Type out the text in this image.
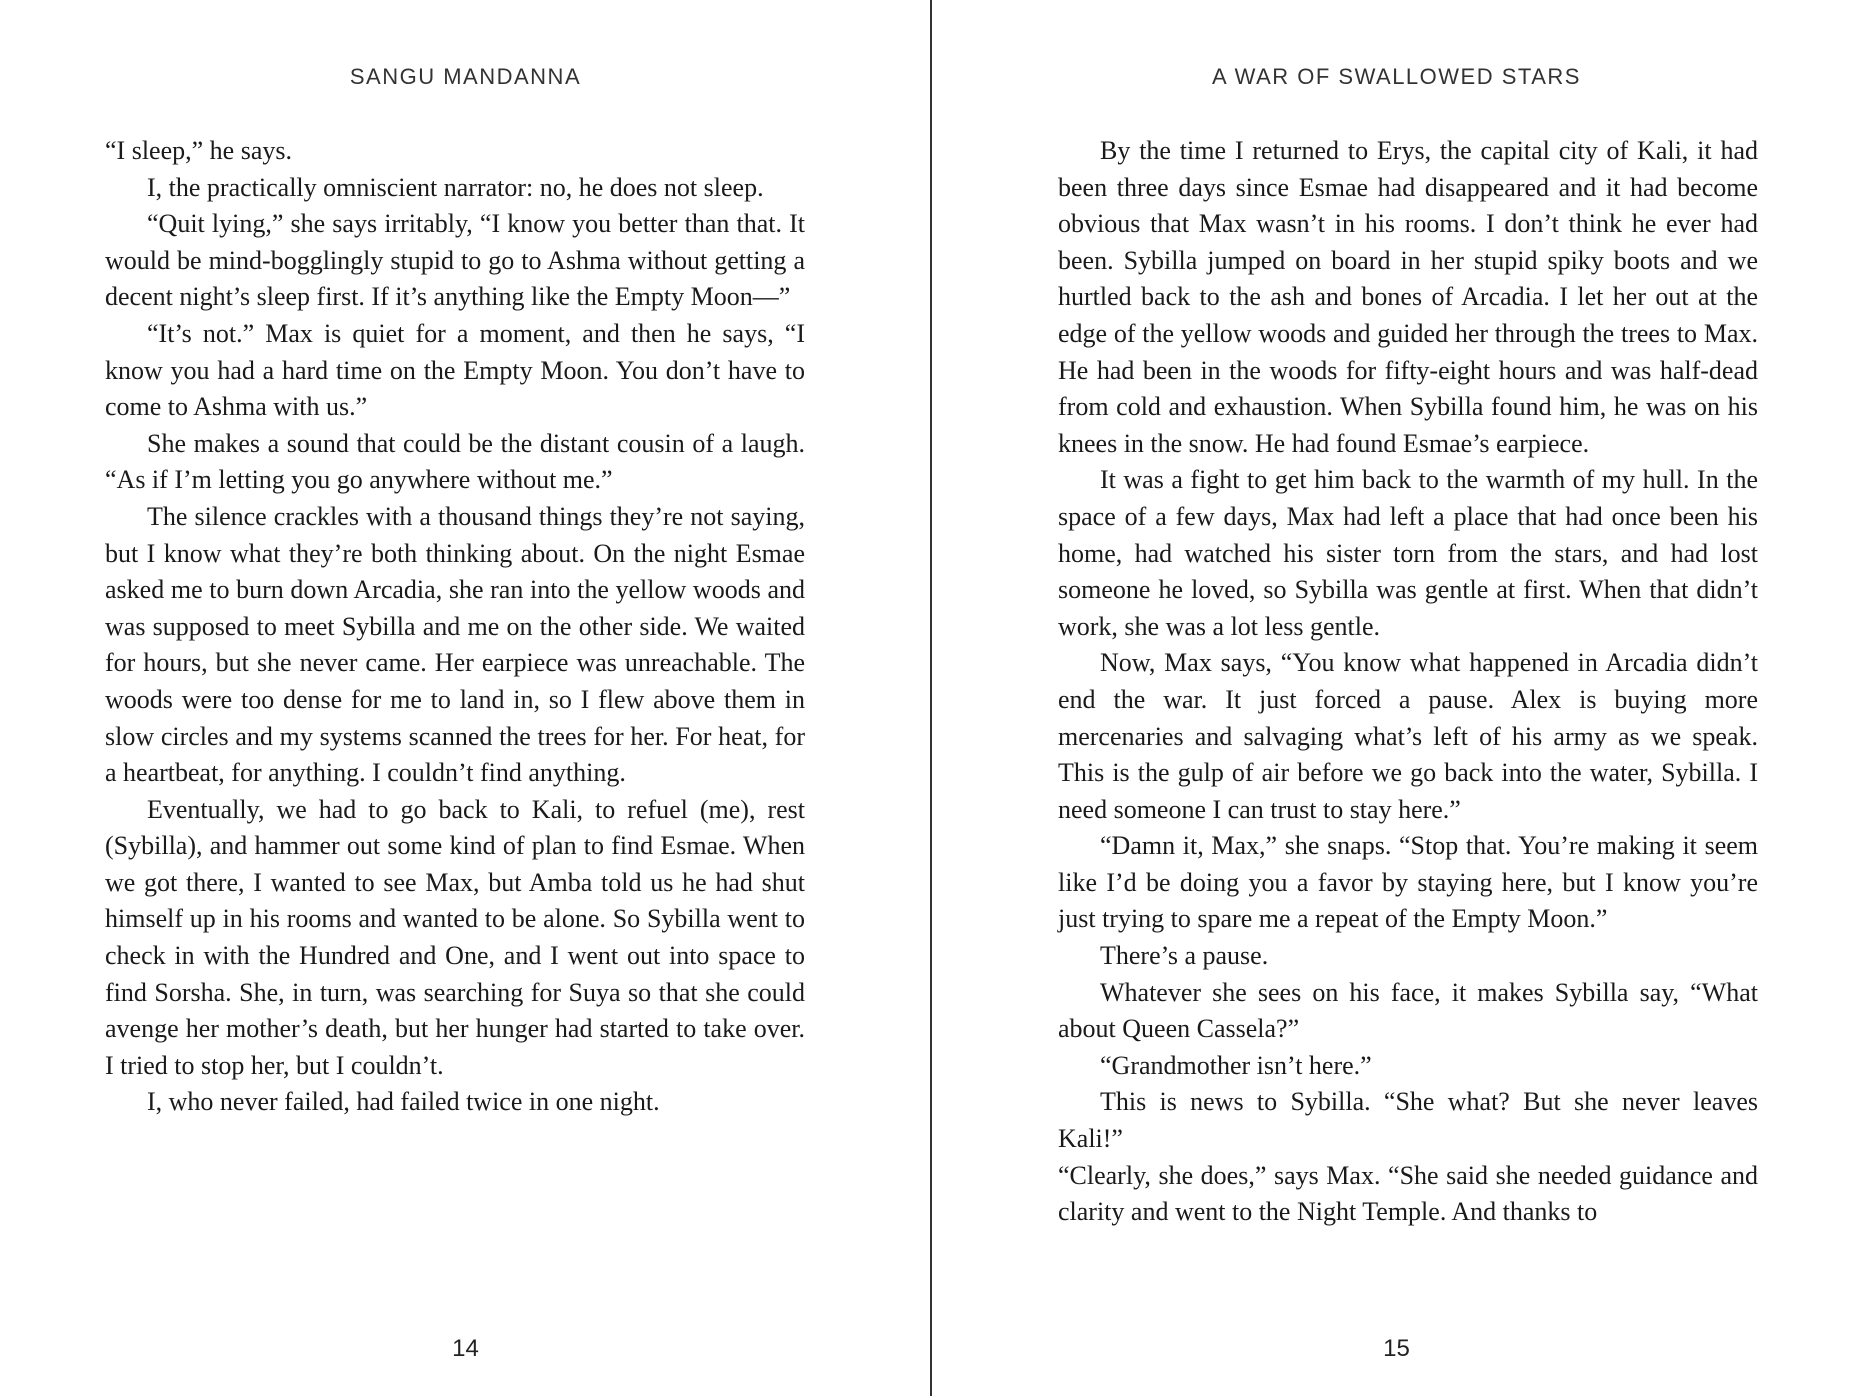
SANGU MANDANNA

“I sleep,” he says.

I, the practically omniscient narrator: no, he does not sleep.

“Quit lying,” she says irritably, “I know you better than that. It would be mind-bogglingly stupid to go to Ashma without getting a decent night’s sleep first. If it’s anything like the Empty Moon—”

“It’s not.” Max is quiet for a moment, and then he says, “I know you had a hard time on the Empty Moon. You don’t have to come to Ashma with us.”

She makes a sound that could be the distant cousin of a laugh. “As if I’m letting you go anywhere without me.”

The silence crackles with a thousand things they’re not saying, but I know what they’re both thinking about. On the night Esmae asked me to burn down Arcadia, she ran into the yellow woods and was supposed to meet Sybilla and me on the other side. We waited for hours, but she never came. Her earpiece was unreachable. The woods were too dense for me to land in, so I flew above them in slow circles and my systems scanned the trees for her. For heat, for a heartbeat, for anything. I couldn’t find anything.

Eventually, we had to go back to Kali, to refuel (me), rest (Sybilla), and hammer out some kind of plan to find Esmae. When we got there, I wanted to see Max, but Amba told us he had shut himself up in his rooms and wanted to be alone. So Sybilla went to check in with the Hundred and One, and I went out into space to find Sorsha. She, in turn, was searching for Suya so that she could avenge her mother’s death, but her hunger had started to take over. I tried to stop her, but I couldn’t.

I, who never failed, had failed twice in one night.

14
A WAR OF SWALLOWED STARS

By the time I returned to Erys, the capital city of Kali, it had been three days since Esmae had disappeared and it had become obvious that Max wasn’t in his rooms. I don’t think he ever had been. Sybilla jumped on board in her stupid spiky boots and we hurtled back to the ash and bones of Arcadia. I let her out at the edge of the yellow woods and guided her through the trees to Max. He had been in the woods for fifty-eight hours and was half-dead from cold and exhaustion. When Sybilla found him, he was on his knees in the snow. He had found Esmae’s earpiece.

It was a fight to get him back to the warmth of my hull. In the space of a few days, Max had left a place that had once been his home, had watched his sister torn from the stars, and had lost someone he loved, so Sybilla was gentle at first. When that didn’t work, she was a lot less gentle.

Now, Max says, “You know what happened in Arcadia didn’t end the war. It just forced a pause. Alex is buying more mercenaries and salvaging what’s left of his army as we speak. This is the gulp of air before we go back into the water, Sybilla. I need someone I can trust to stay here.”

“Damn it, Max,” she snaps. “Stop that. You’re making it seem like I’d be doing you a favor by staying here, but I know you’re just trying to spare me a repeat of the Empty Moon.”

There’s a pause.

Whatever she sees on his face, it makes Sybilla say, “What about Queen Cassela?”

“Grandmother isn’t here.”

This is news to Sybilla. “She what? But she never leaves Kali!”

“Clearly, she does,” says Max. “She said she needed guidance and clarity and went to the Night Temple. And thanks to

15
